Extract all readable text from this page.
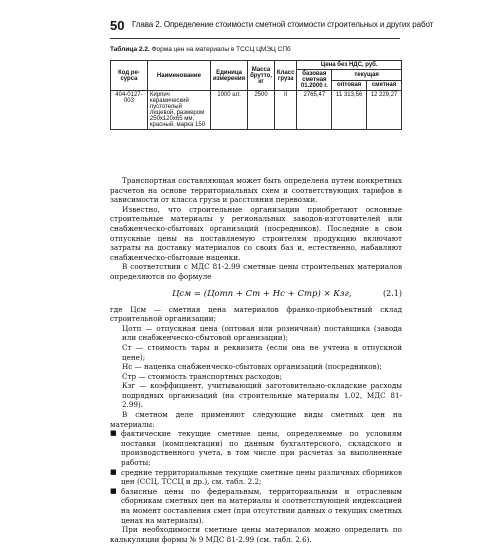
50 Глава 2. Определение стоимости сметной стоимости строительных и других работ
Таблица 2.2. Форма цен на материалы в ТССЦ ЦМЭЦ СПб
Код ре-сурса	Наименование	Единица измерения	Масса брутто, кг	Класс груза	Цена без НДС, руб.		
					базовая сметная 01.2000 г.	текущая	
						оптовая	сметная
404-0127-003	Кирпич керамический пустотелый лицевой, размером 250х120х65 мм, красный, марка 150	1000 шт.	2500	II	2765,47	11 313,56	12 229,27

Транспортная составляющая может быть определена путем конкретных расчетов на основе территориальных схем и соответствующих тарифов в зависимости от класса груза и расстояния перевозки.

Известно, что строительные организации приобретают основные строительные материалы у региональных заводов-изготовителей или снабженческо-сбытовых организаций (посредников). Последние в свои отпускные цены на поставляемую строителям продукцию включают затраты на доставку материалов со своих баз и, естественно, набавляют снабженческо-сбытовые наценки.

В соответствии с МДС 81-2.99 сметные цены строительных материалов определяются по формуле

Цсм = (Цотп + Ст + Нс + Стр) × Кзг,	(2.1)

где Цсм — сметная цена материалов франко-приобъектный склад строительной организации;

Цотп — отпускная цена (оптовая или розничная) поставщика (завода или снабженческо-сбытовой организации);

Ст — стоимость тары и реквизита (если она не учтена в отпускной цене);

Нс — наценка снабженческо-сбытовых организаций (посредников);

Стр — стоимость транспортных расходов;

Кзг — коэффициент, учитывающий заготовительно-складские расходы подрядных организаций (на строительные материалы 1.02, МДС 81-2.99).

В сметном деле применяют следующие виды сметных цен на материалы:

■ фактические текущие сметные цены, определяемые по условиям поставки (комплектации) по данным бухгалтерского, складского и производственного учета, в том числе при расчетах за выполненные работы;
■ средние территориальные текущие сметные цены различных сборников цен (ССЦ, ТССЦ и др.), см. табл. 2.2;
■ базисные цены по федеральным, территориальным и отраслевым сборникам сметных цен на материалы и соответствующей индексацией на момент составления смет (при отсутствии данных о текущих сметных ценах на материалы).

При необходимости сметные цены материалов можно определить по калькуляции формы № 9 МДС 81-2.99 (см. табл. 2.6).
